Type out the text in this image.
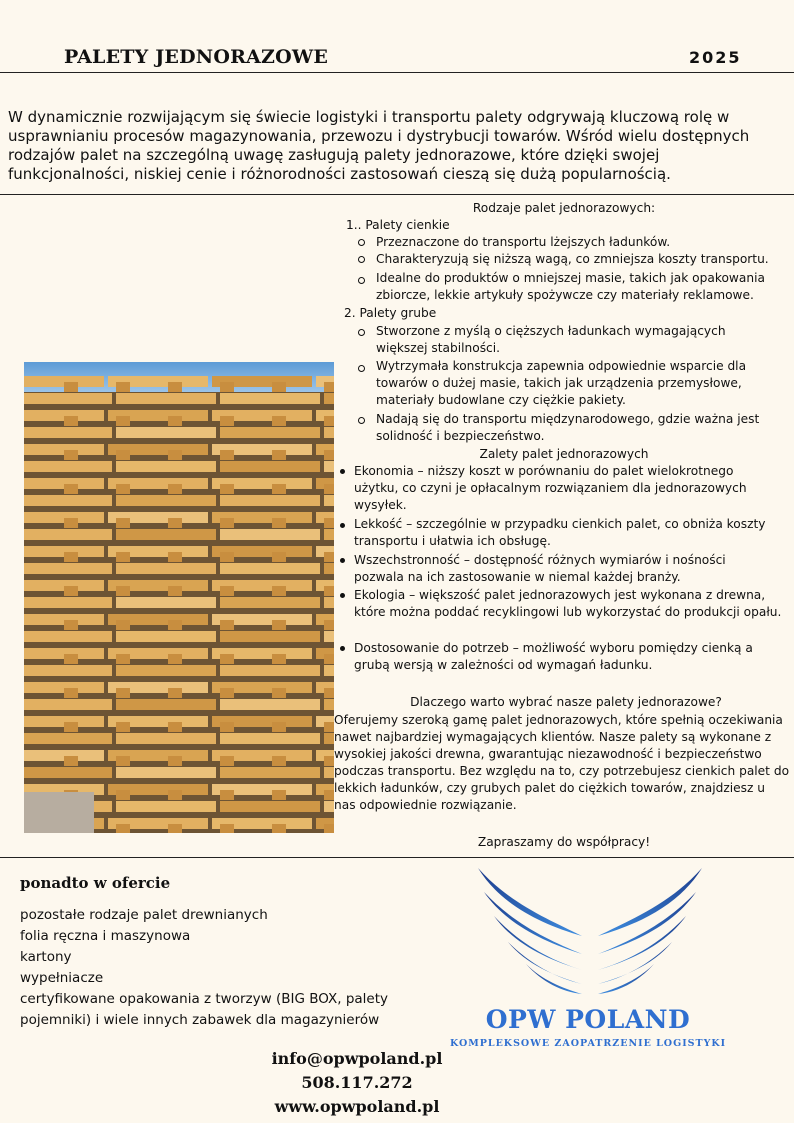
PALETY JEDNORAZOWE	2025
W dynamicznie rozwijającym się świecie logistyki i transportu palety odgrywają kluczową rolę w usprawnianiu procesów magazynowania, przewozu i dystrybucji towarów. Wśród wielu dostępnych rodzajów palet na szczególną uwagę zasługują palety jednorazowe, które dzięki swojej funkcjonalności, niskiej cenie i różnorodności zastosowań cieszą się dużą popularnością.
Rodzaje palet jednorazowych:
1.. Palety cienkie
Przeznaczone do transportu lżejszych ładunków.
Charakteryzują się niższą wagą, co zmniejsza koszty transportu.
Idealne do produktów o mniejszej masie, takich jak opakowania zbiorcze, lekkie artykuły spożywcze czy materiały reklamowe.
2. Palety grube
Stworzone z myślą o cięższych ładunkach wymagających większej stabilności.
Wytrzymała konstrukcja zapewnia odpowiednie wsparcie dla towarów o dużej masie, takich jak urządzenia przemysłowe, materiały budowlane czy ciężkie pakiety.
Nadają się do transportu międzynarodowego, gdzie ważna jest solidność i bezpieczeństwo.
Zalety palet jednorazowych
Ekonomia – niższy koszt w porównaniu do palet wielokrotnego użytku, co czyni je opłacalnym rozwiązaniem dla jednorazowych wysyłek.
Lekkość – szczególnie w przypadku cienkich palet, co obniża koszty transportu i ułatwia ich obsługę.
Wszechstronność – dostępność różnych wymiarów i nośności pozwala na ich zastosowanie w niemal każdej branży.
Ekologia – większość palet jednorazowych jest wykonana z drewna, które można poddać recyklingowi lub wykorzystać do produkcji opału.
Dostosowanie do potrzeb – możliwość wyboru pomiędzy cienką a grubą wersją w zależności od wymagań ładunku.
Dlaczego warto wybrać nasze palety jednorazowe?
Oferujemy szeroką gamę palet jednorazowych, które spełnią oczekiwania nawet najbardziej wymagających klientów. Nasze palety są wykonane z wysokiej jakości drewna, gwarantując niezawodność i bezpieczeństwo podczas transportu. Bez względu na to, czy potrzebujesz cienkich palet do lekkich ładunków, czy grubych palet do ciężkich towarów, znajdziesz u nas odpowiednie rozwiązanie.
Zapraszamy do współpracy!
ponadto w ofercie
pozostałe rodzaje palet drewnianych
folia ręczna i maszynowa
kartony
wypełniacze
certyfikowane opakowania z tworzyw (BIG BOX, palety
pojemniki) i wiele innych zabawek dla magazynierów	OPW POLAND
KOMPLEKSOWE ZAOPATRZENIE LOGISTYKI
info@opwpoland.pl
508.117.272
www.opwpoland.pl
